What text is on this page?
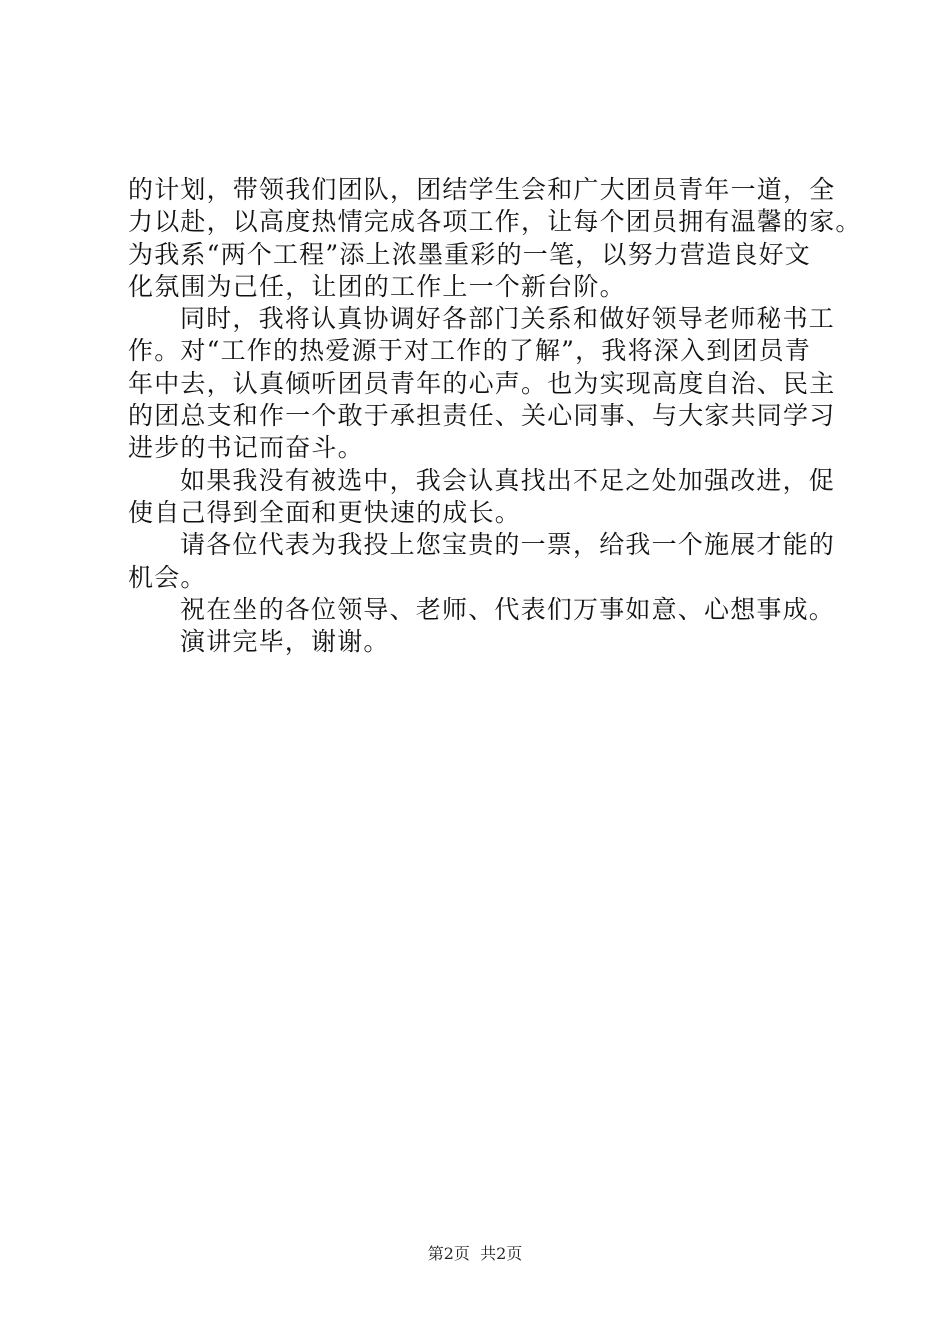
的计划，带领我们团队，团结学生会和广大团员青年一道，全
力以赴，以高度热情完成各项工作，让每个团员拥有温馨的家。
为我系“两个工程”添上浓墨重彩的一笔，以努力营造良好文
化氛围为己任，让团的工作上一个新台阶。

同时，我将认真协调好各部门关系和做好领导老师秘书工
作。对“工作的热爱源于对工作的了解”，我将深入到团员青
年中去，认真倾听团员青年的心声。也为实现高度自治、民主
的团总支和作一个敢于承担责任、关心同事、与大家共同学习
进步的书记而奋斗。

如果我没有被选中，我会认真找出不足之处加强改进，促
使自己得到全面和更快速的成长。

请各位代表为我投上您宝贵的一票，给我一个施展才能的
机会。

祝在坐的各位领导、老师、代表们万事如意、心想事成。

演讲完毕，谢谢。

第2页  共2页
